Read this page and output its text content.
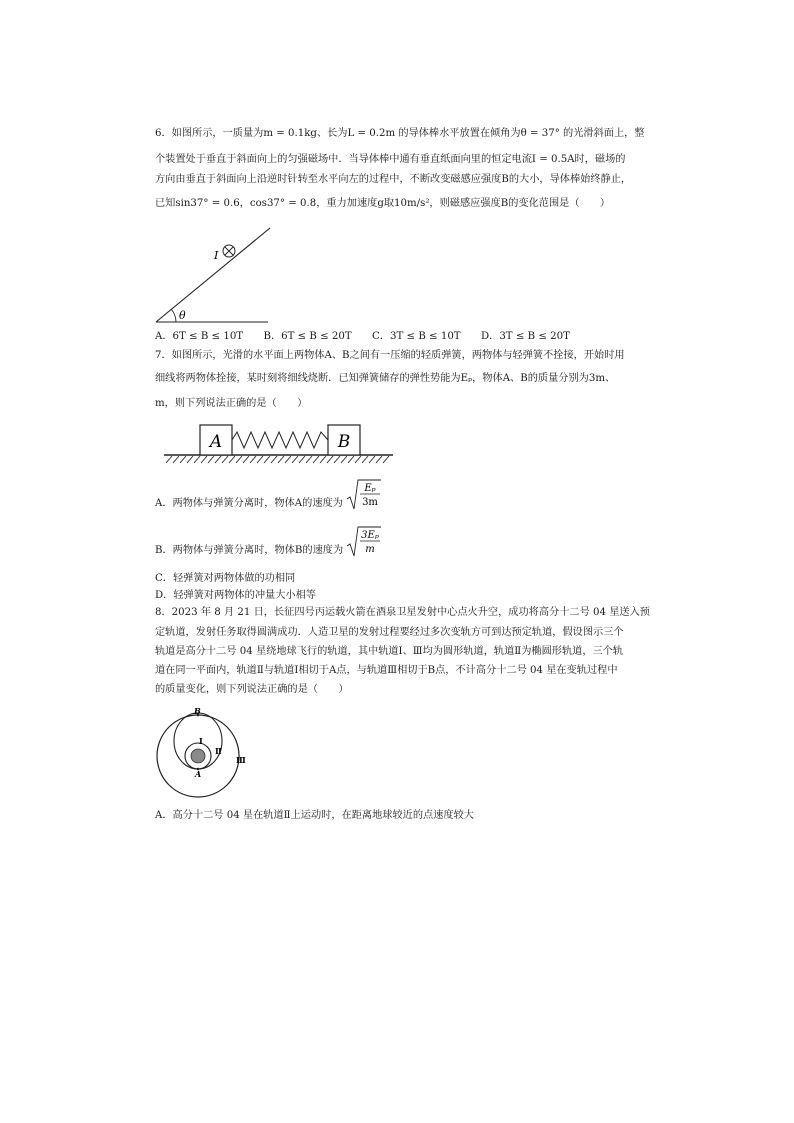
6．如图所示，一质量为m = 0.1kg、长为L = 0.2m 的导体棒水平放置在倾角为θ = 37° 的光滑斜面上，整
个装置处于垂直于斜面向上的匀强磁场中．当导体棒中通有垂直纸面向里的恒定电流I = 0.5A时，磁场的
方向由垂直于斜面向上沿逆时针转至水平向左的过程中，不断改变磁感应强度B的大小，导体棒始终静止，
已知sin37° = 0.6，cos37° = 0.8，重力加速度g取10m/s²，则磁感应强度B的变化范围是（　　）
θ
I
A．6T ≤ B ≤ 10T　　B．6T ≤ B ≤ 20T　　C．3T ≤ B ≤ 10T　　D．3T ≤ B ≤ 20T
7．如图所示，光滑的水平面上两物体A、B之间有一压缩的轻质弹簧，两物体与轻弹簧不拴接，开始时用
细线将两物体拴接，某时刻将细线烧断．已知弹簧储存的弹性势能为Eₚ，物体A、B的质量分别为3m、
m，则下列说法正确的是（　　）
A	B
A．两物体与弹簧分离时，物体A的速度为
Eₚ
3m
B．两物体与弹簧分离时，物体B的速度为
3Eₚ
m
C．轻弹簧对两物体做的功相同
D．轻弹簧对两物体的冲量大小相等
8．2023 年 8 月 21 日，长征四号丙运载火箭在酒泉卫星发射中心点火升空，成功将高分十二号 04 星送入预
定轨道，发射任务取得圆满成功．人造卫星的发射过程要经过多次变轨方可到达预定轨道，假设图示三个
轨道是高分十二号 04 星绕地球飞行的轨道，其中轨道Ⅰ、Ⅲ均为圆形轨道，轨道Ⅱ为椭圆形轨道，三个轨
道在同一平面内，轨道Ⅱ与轨道Ⅰ相切于A点，与轨道Ⅲ相切于B点，不计高分十二号 04 星在变轨过程中
的质量变化，则下列说法正确的是（　　）
B
A
Ⅰ
Ⅱ
Ⅲ
A．高分十二号 04 星在轨道Ⅱ上运动时，在距离地球较近的点速度较大
